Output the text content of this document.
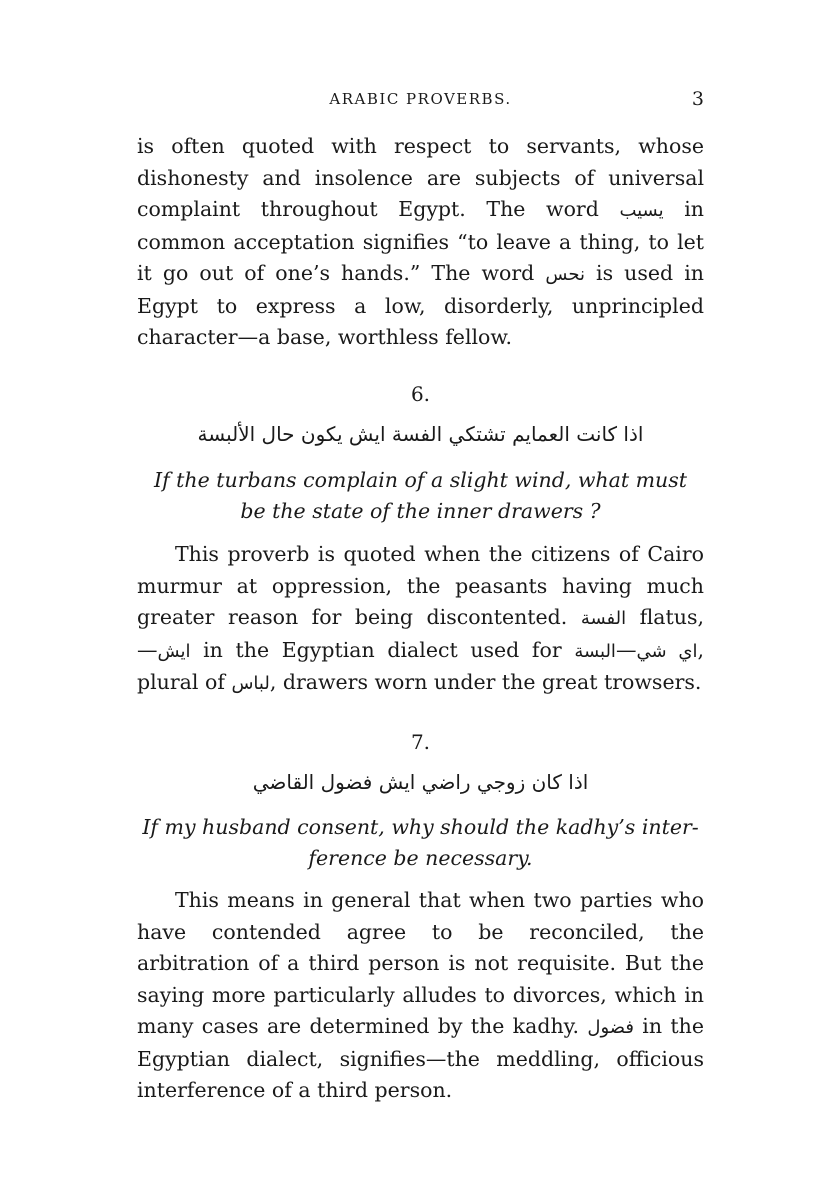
ARABIC PROVERBS.	3

is often quoted with respect to servants, whose dishonesty and insolence are subjects of universal complaint throughout Egypt. The word يسيب in common acceptation signifies “to leave a thing, to let it go out of one’s hands.” The word نحس is used in Egypt to express a low, disorderly, unprincipled character—a base, worthless fellow.

6.
اذا كانت العمايم تشتكي الفسة ايش يكون حال الألبسة
If the turbans complain of a slight wind, what must
be the state of the inner drawers ?

This proverb is quoted when the citizens of Cairo murmur at oppression, the peasants having much greater reason for being discontented. الفسة flatus, —ايش in the Egyptian dialect used for	اي شي—البسة	, plural of لباس, drawers worn under the great trowsers.

7.
اذا كان زوجي راضي ايش فضول القاضي
If my husband consent, why should the kadhy’s inter-
ference be necessary.

This means in general that when two parties who have contended agree to be reconciled, the arbitration of a third person is not requisite. But the saying more particularly alludes to divorces, which in many cases are determined by the kadhy. فضول in the Egyptian dialect, signifies—the meddling, officious interference of a third person.
